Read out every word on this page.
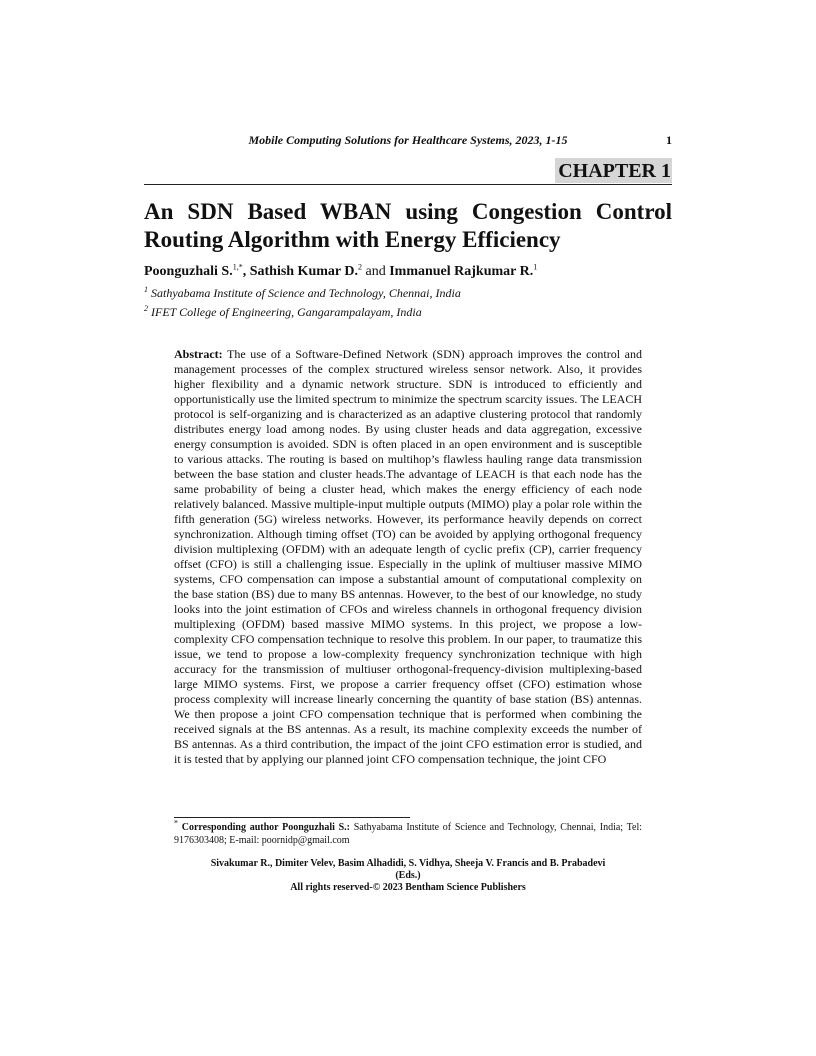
Mobile Computing Solutions for Healthcare Systems, 2023, 1-15	1
CHAPTER 1
An SDN Based WBAN using Congestion Control Routing Algorithm with Energy Efficiency
Poonguzhali S.$^{1,*}$, Sathish Kumar D.$^2$ and Immanuel Rajkumar R.$^1$
$^1$ Sathyabama Institute of Science and Technology, Chennai, India
$^2$ IFET College of Engineering, Gangarampalayam, India

Abstract: The use of a Software-Defined Network (SDN) approach improves the control and management processes of the complex structured wireless sensor network. Also, it provides higher flexibility and a dynamic network structure. SDN is introduced to efficiently and opportunistically use the limited spectrum to minimize the spectrum scarcity issues. The LEACH protocol is self-organizing and is characterized as an adaptive clustering protocol that randomly distributes energy load among nodes. By using cluster heads and data aggregation, excessive energy consumption is avoided. SDN is often placed in an open environment and is susceptible to various attacks. The routing is based on multihop’s flawless hauling range data transmission between the base station and cluster heads.The advantage of LEACH is that each node has the same probability of being a cluster head, which makes the energy efficiency of each node relatively balanced. Massive multiple-input multiple outputs (MIMO) play a polar role within the fifth generation (5G) wireless networks. However, its performance heavily depends on correct synchronization. Although timing offset (TO) can be avoided by applying orthogonal frequency division multiplexing (OFDM) with an adequate length of cyclic prefix (CP), carrier frequency offset (CFO) is still a challenging issue. Especially in the uplink of multiuser massive MIMO systems, CFO compensation can impose a substantial amount of computational complexity on the base station (BS) due to many BS antennas. However, to the best of our knowledge, no study looks into the joint estimation of CFOs and wireless channels in orthogonal frequency division multiplexing (OFDM) based massive MIMO systems. In this project, we propose a low-complexity CFO compensation technique to resolve this problem. In our paper, to traumatize this issue, we tend to propose a low-complexity frequency synchronization technique with high accuracy for the transmission of multiuser orthogonal-frequency-division multiplexing-based large MIMO systems. First, we propose a carrier frequency offset (CFO) estimation whose process complexity will increase linearly concerning the quantity of base station (BS) antennas. We then propose a joint CFO compensation technique that is performed when combining the received signals at the BS antennas. As a result, its machine complexity exceeds the number of BS antennas. As a third contribution, the impact of the joint CFO estimation error is studied, and it is tested that by applying our planned joint CFO compensation technique, the joint CFO

* Corresponding author Poonguzhali S.: Sathyabama Institute of Science and Technology, Chennai, India; Tel: 9176303408; E-mail: poornidp@gmail.com
Sivakumar R., Dimiter Velev, Basim Alhadidi, S. Vidhya, Sheeja V. Francis and B. Prabadevi
(Eds.)
All rights reserved-© 2023 Bentham Science Publishers
